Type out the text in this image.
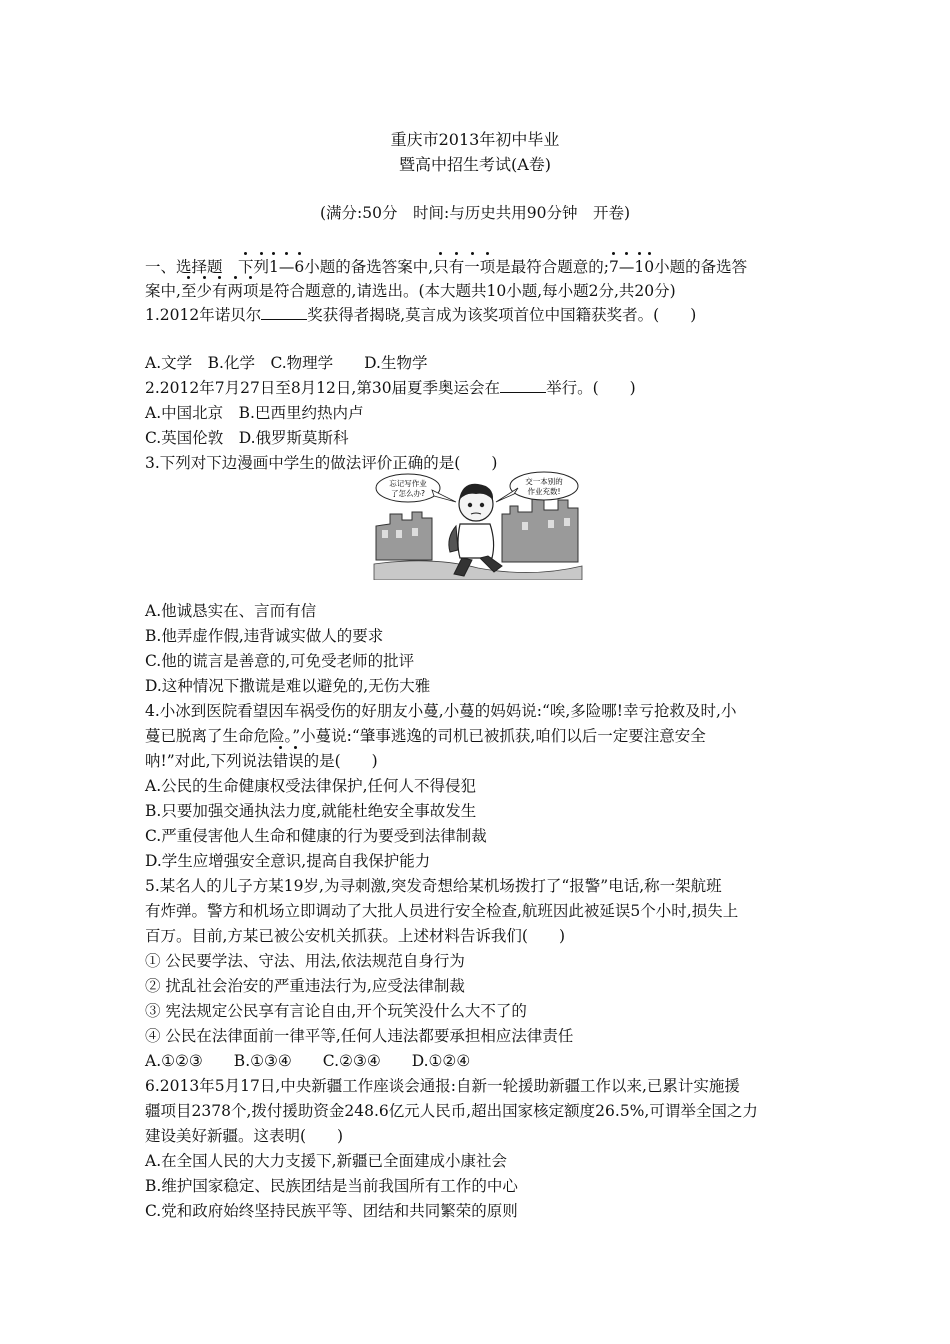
重庆市2013年初中毕业
暨高中招生考试(A卷)
(满分:50分　时间:与历史共用90分钟　开卷)
一、选择题　下列1—6小题的备选答案中,只有一项是最符合题意的;7—10小题的备选答
案中,至少有两项是符合题意的,请选出。(本大题共10小题,每小题2分,共20分)
1.2012年诺贝尔	奖获得者揭晓,莫言成为该奖项首位中国籍获奖者。(　　)
A.文学　B.化学　C.物理学　　D.生物学
2.2012年7月27日至8月12日,第30届夏季奥运会在	举行。(　　)
A.中国北京　B.巴西里约热内卢
C.英国伦敦　D.俄罗斯莫斯科
3.下列对下边漫画中学生的做法评价正确的是(　　)
忘记写作业
了怎么办?
交一本别的
作业充数!
A.他诚恳实在、言而有信
B.他弄虚作假,违背诚实做人的要求
C.他的谎言是善意的,可免受老师的批评
D.这种情况下撒谎是难以避免的,无伤大雅
4.小冰到医院看望因车祸受伤的好朋友小蔓,小蔓的妈妈说:“唉,多险哪!幸亏抢救及时,小
蔓已脱离了生命危险。”小蔓说:“肇事逃逸的司机已被抓获,咱们以后一定要注意安全
呐!”对此,下列说法错误的是(　　)
A.公民的生命健康权受法律保护,任何人不得侵犯
B.只要加强交通执法力度,就能杜绝安全事故发生
C.严重侵害他人生命和健康的行为要受到法律制裁
D.学生应增强安全意识,提高自我保护能力
5.某名人的儿子方某19岁,为寻刺激,突发奇想给某机场拨打了“报警”电话,称一架航班
有炸弹。警方和机场立即调动了大批人员进行安全检查,航班因此被延误5个小时,损失上
百万。目前,方某已被公安机关抓获。上述材料告诉我们(　　)
① 公民要学法、守法、用法,依法规范自身行为
② 扰乱社会治安的严重违法行为,应受法律制裁
③ 宪法规定公民享有言论自由,开个玩笑没什么大不了的
④ 公民在法律面前一律平等,任何人违法都要承担相应法律责任
A.①②③　　B.①③④　　C.②③④　　D.①②④
6.2013年5月17日,中央新疆工作座谈会通报:自新一轮援助新疆工作以来,已累计实施援
疆项目2378个,拨付援助资金248.6亿元人民币,超出国家核定额度26.5%,可谓举全国之力
建设美好新疆。这表明(　　)
A.在全国人民的大力支援下,新疆已全面建成小康社会
B.维护国家稳定、民族团结是当前我国所有工作的中心
C.党和政府始终坚持民族平等、团结和共同繁荣的原则
